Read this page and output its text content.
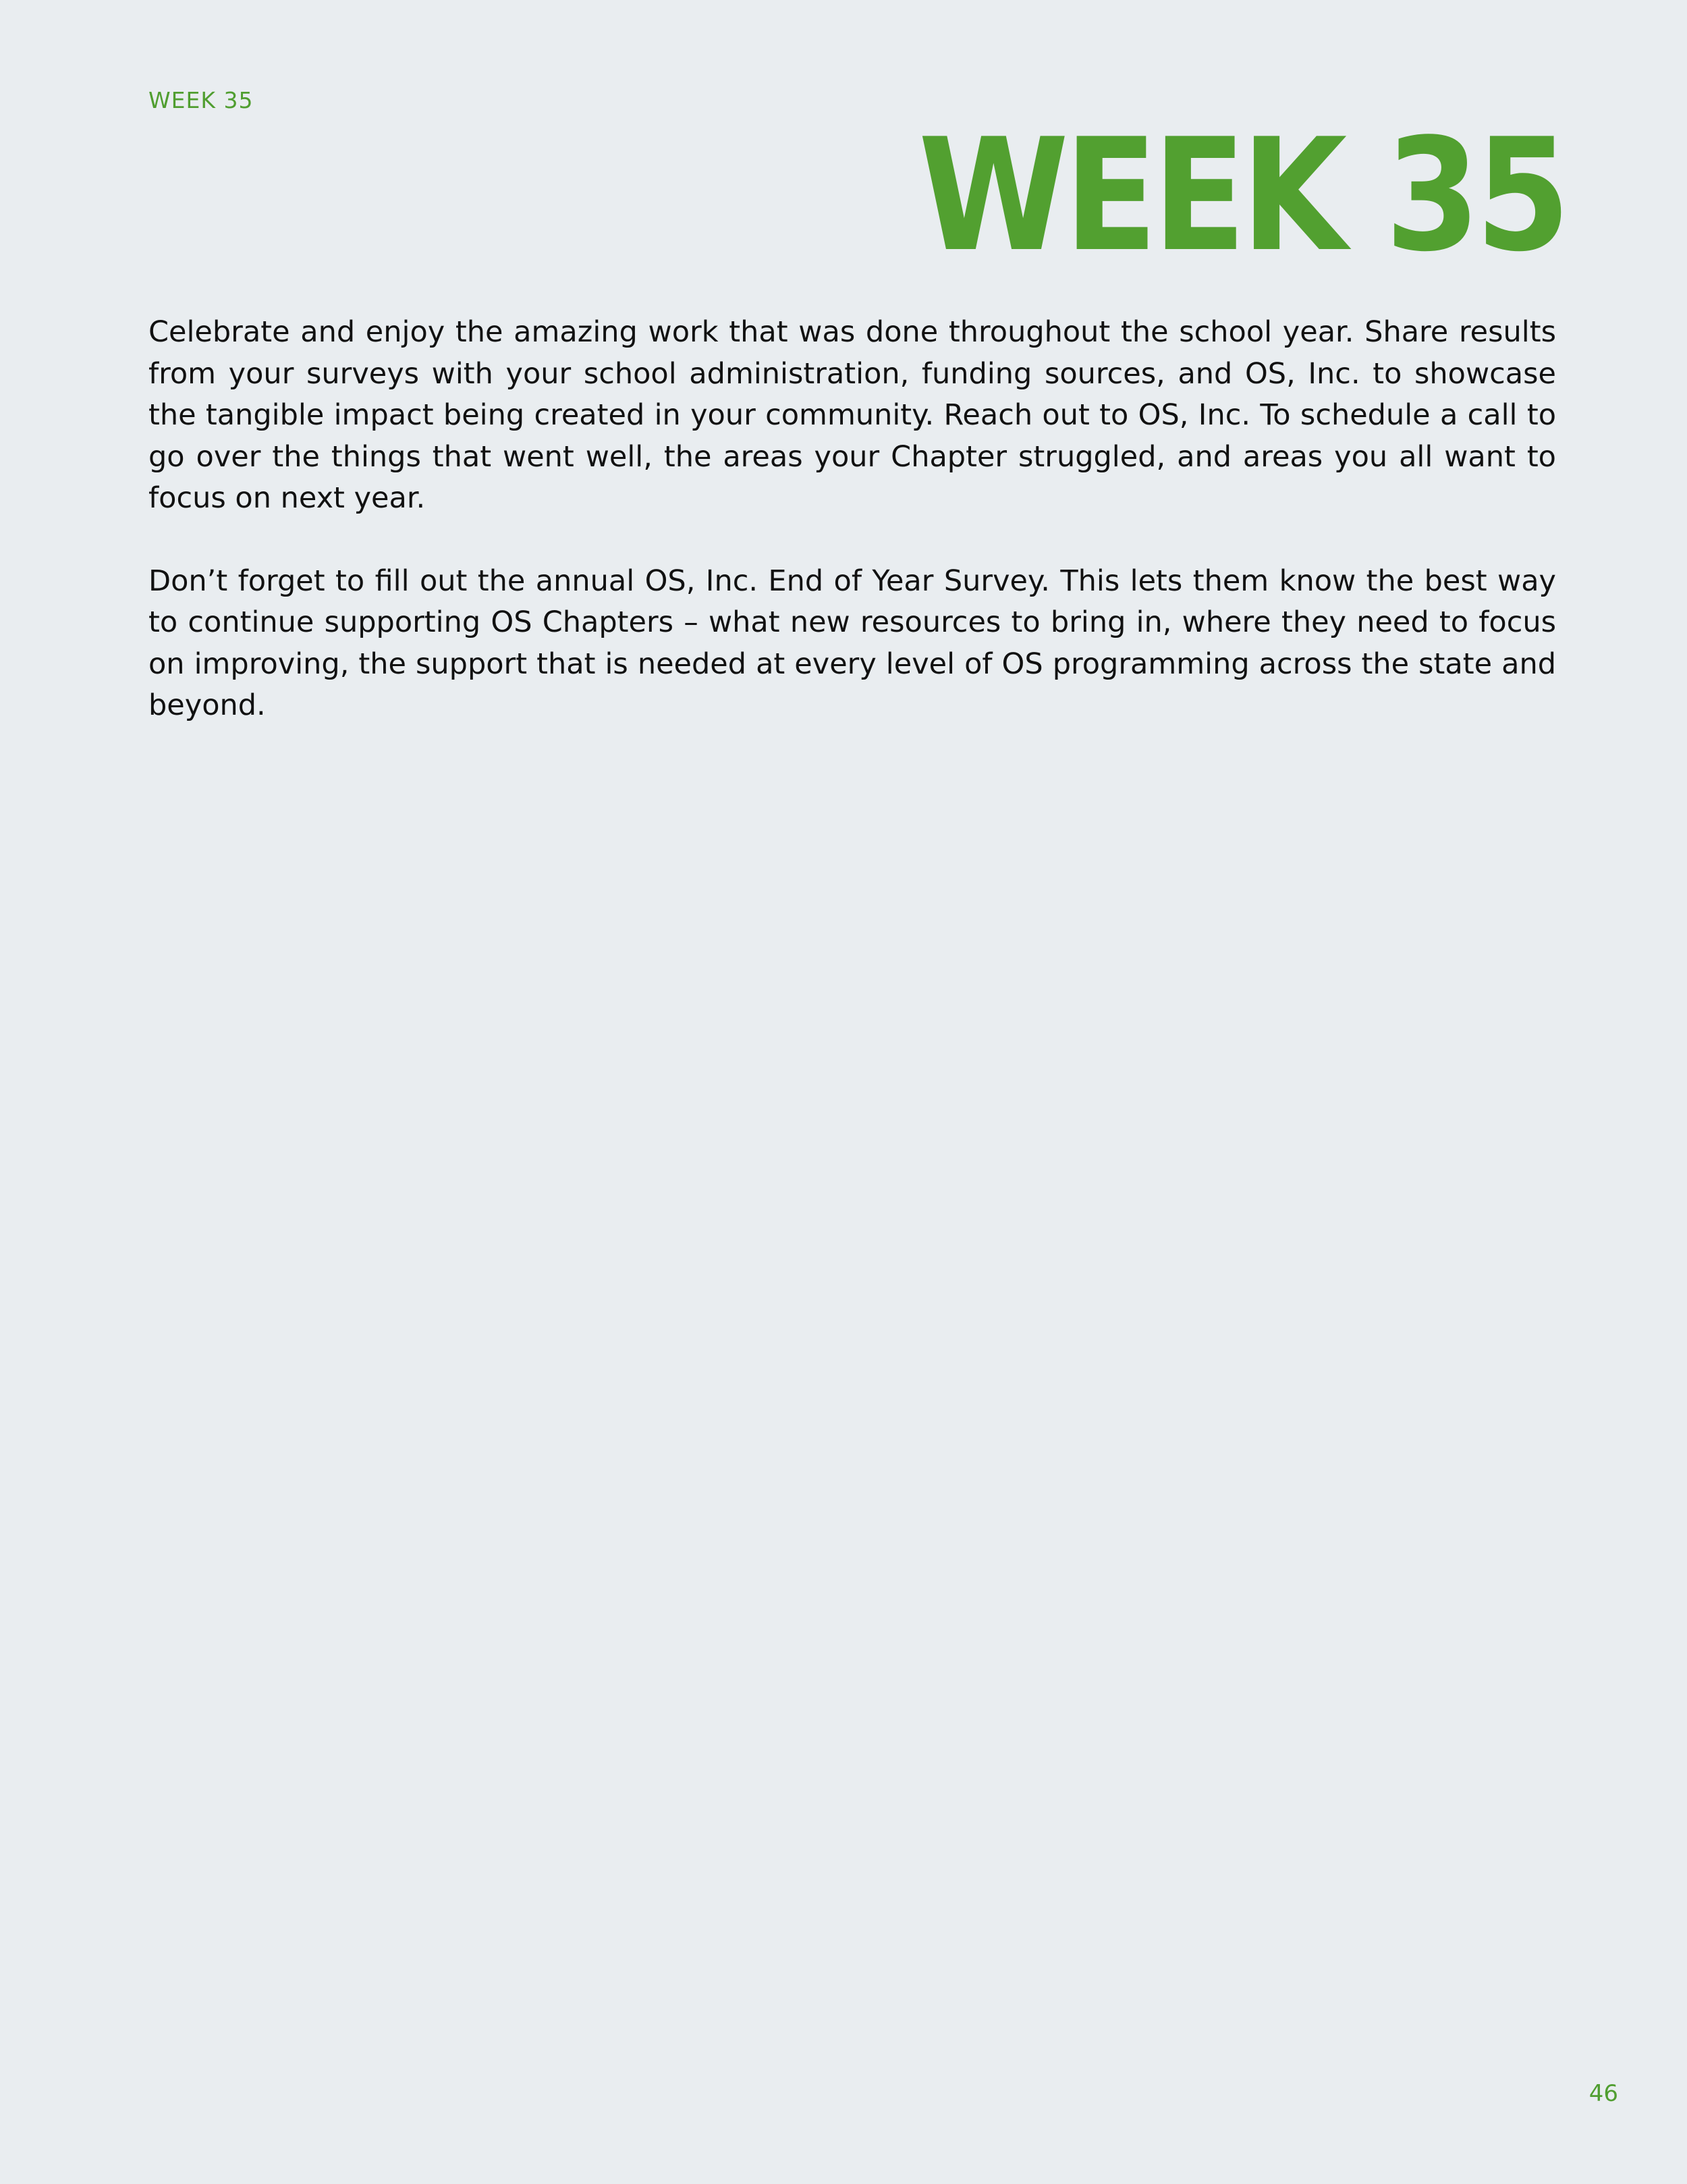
WEEK 35
WEEK 35

Celebrate and enjoy the amazing work that was done throughout the school year. Share results from your surveys with your school administration, funding sources, and OS, Inc. to showcase the tangible impact being created in your community. Reach out to OS, Inc. To schedule a call to go over the things that went well, the areas your Chapter struggled, and areas you all want to focus on next year.

Don’t forget to fill out the annual OS, Inc. End of Year Survey. This lets them know the best way to continue supporting OS Chapters – what new resources to bring in, where they need to focus on improving, the support that is needed at every level of OS programming across the state and beyond.

46
